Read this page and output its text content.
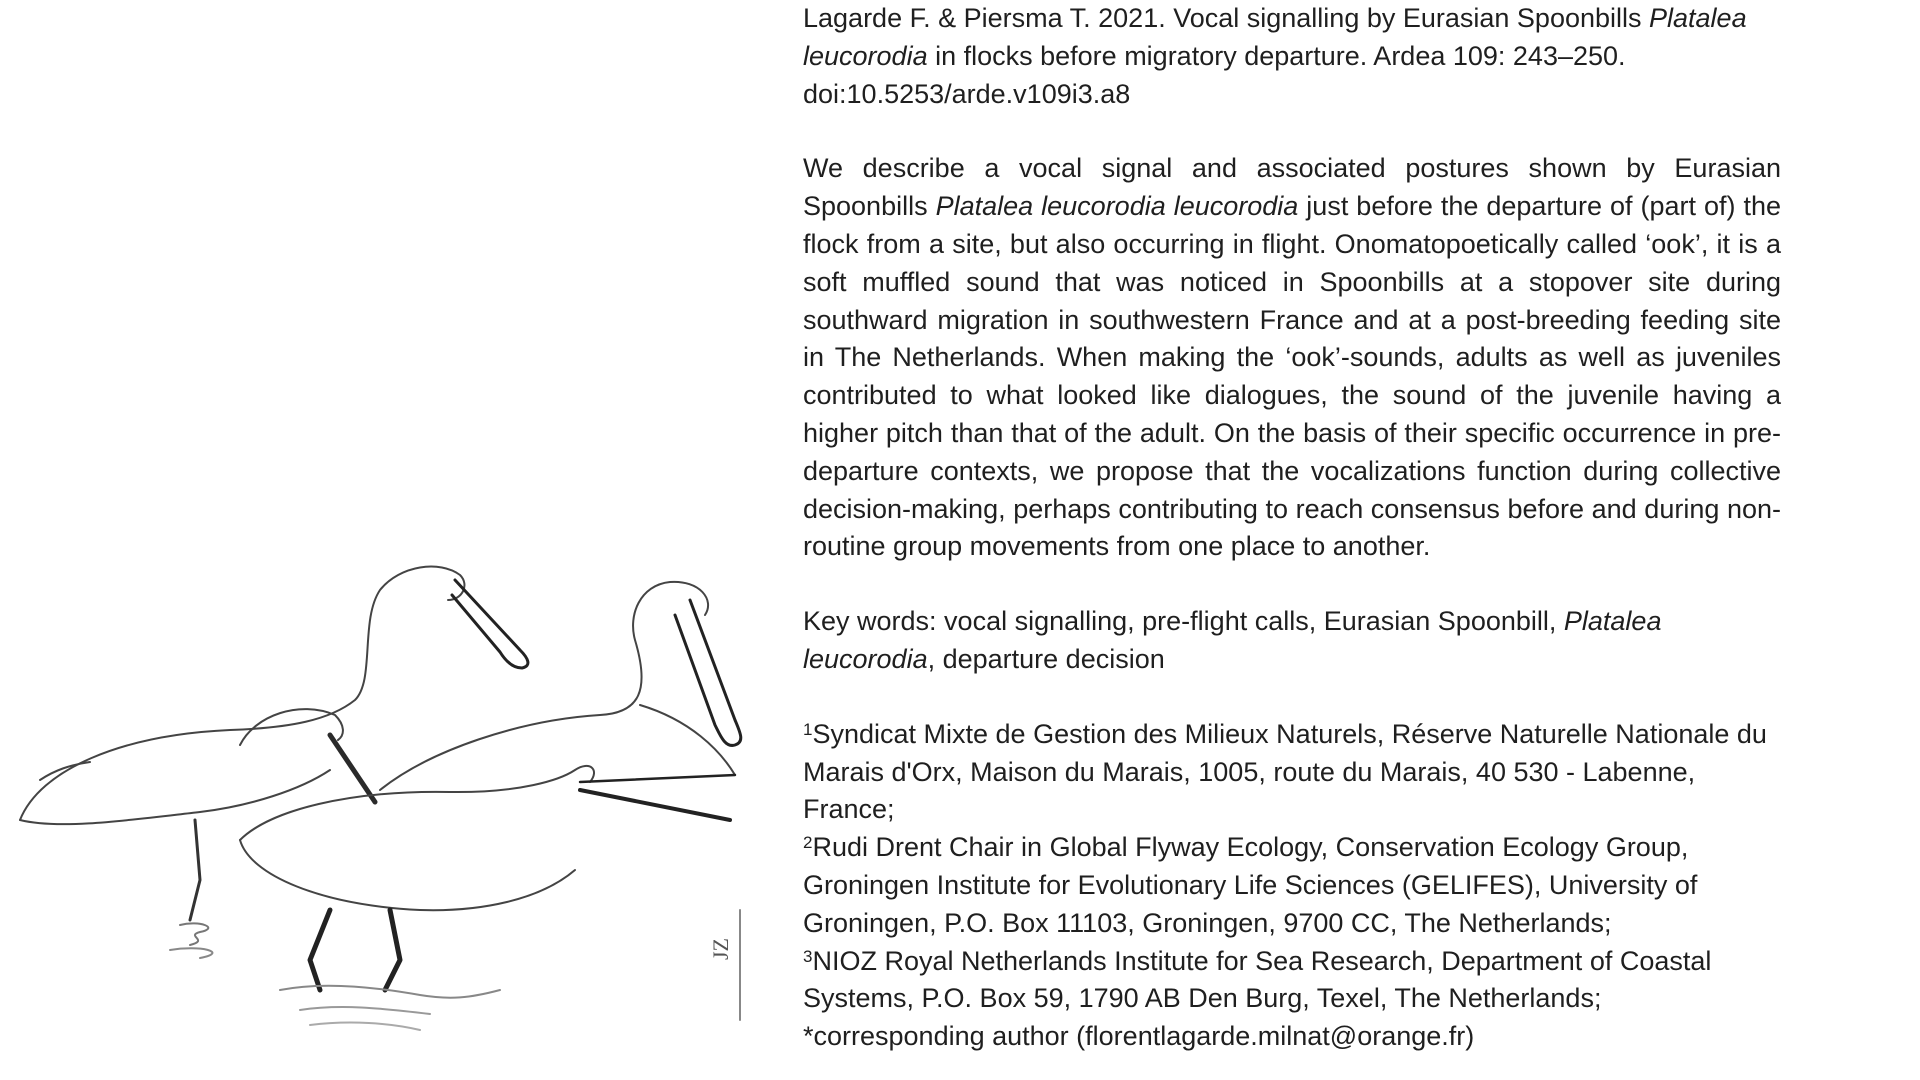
JZ

Lagarde F. & Piersma T. 2021. Vocal signalling by Eurasian Spoonbills Platalea leucorodia in flocks before migratory departure. Ardea 109: 243–250.
doi:10.5253/arde.v109i3.a8

We describe a vocal signal and associated postures shown by Eurasian Spoonbills Platalea leucorodia leucorodia just before the departure of (part of) the flock from a site, but also occurring in flight. Onomatopoetically called ‘ook’, it is a soft muffled sound that was noticed in Spoonbills at a stopover site during southward migration in southwestern France and at a post-breeding feeding site in The Netherlands. When making the ‘ook’-sounds, adults as well as juveniles contributed to what looked like dialogues, the sound of the juvenile having a higher pitch than that of the adult. On the basis of their specific occurrence in pre-departure contexts, we propose that the vocalizations function during collective decision-making, perhaps contributing to reach consensus before and during non-routine group movements from one place to another.

Key words: vocal signalling, pre-flight calls, Eurasian Spoonbill, Platalea leucorodia, departure decision

$^1$Syndicat Mixte de Gestion des Milieux Naturels, Réserve Naturelle Nationale du Marais d'Orx, Maison du Marais, 1005, route du Marais, 40 530 - Labenne, France;
$^2$Rudi Drent Chair in Global Flyway Ecology, Conservation Ecology Group, Groningen Institute for Evolutionary Life Sciences (GELIFES), University of Groningen, P.O. Box 11103, Groningen, 9700 CC, The Netherlands;
$^3$NIOZ Royal Netherlands Institute for Sea Research, Department of Coastal Systems, P.O. Box 59, 1790 AB Den Burg, Texel, The Netherlands;
*corresponding author (florentlagarde.milnat@orange.fr)
